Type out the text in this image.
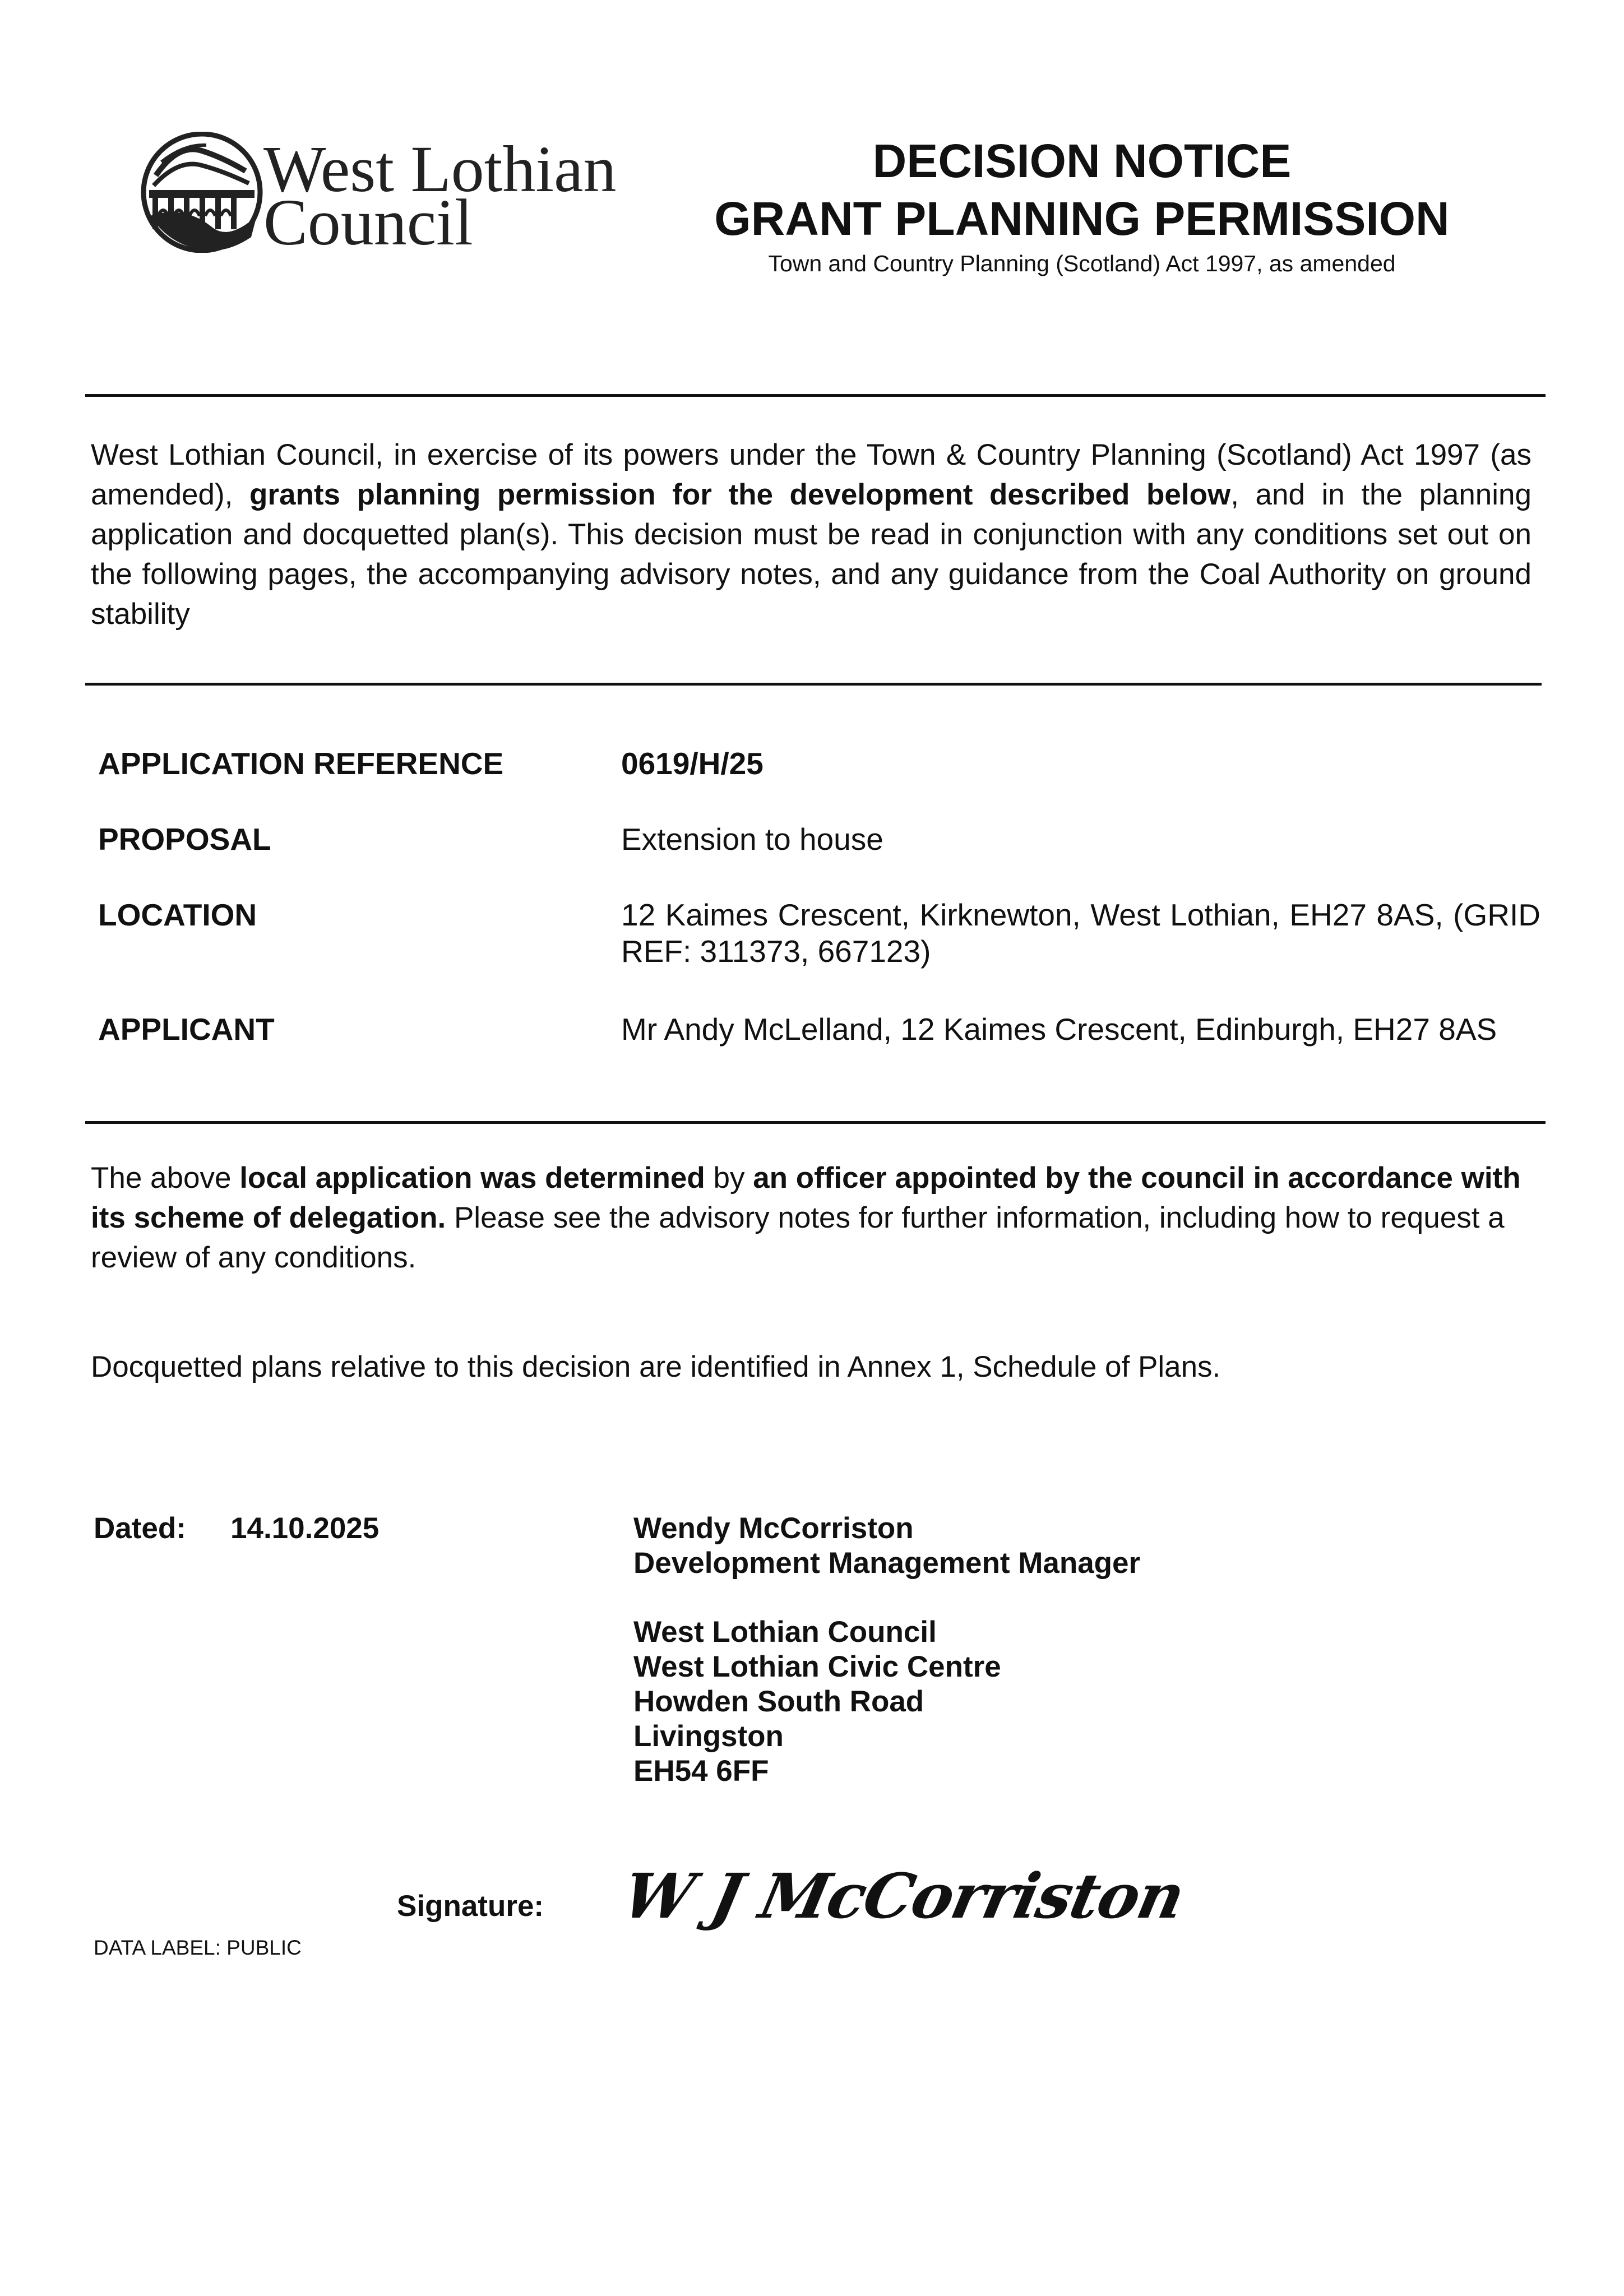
West Lothian
Council
DECISION NOTICE
GRANT PLANNING PERMISSION
Town and Country Planning (Scotland) Act 1997, as amended
West Lothian Council, in exercise of its powers under the Town & Country Planning (Scotland) Act 1997 (as amended), grants planning permission for the development described below, and in the planning application and docquetted plan(s). This decision must be read in conjunction with any conditions set out on the following pages, the accompanying advisory notes, and any guidance from the Coal Authority on ground stability
APPLICATION REFERENCE	0619/H/25
PROPOSAL	Extension to house
LOCATION	12 Kaimes Crescent, Kirknewton, West Lothian, EH27 8AS, (GRID REF: 311373, 667123)
APPLICANT	Mr Andy McLelland, 12 Kaimes Crescent, Edinburgh, EH27 8AS
The above local application was determined by an officer appointed by the council in accordance with its scheme of delegation. Please see the advisory notes for further information, including how to request a review of any conditions.
Docquetted plans relative to this decision are identified in Annex 1, Schedule of Plans.
Dated: 14.10.2025	Wendy McCorriston
Development Management Manager
West Lothian Council
West Lothian Civic Centre
Howden South Road
Livingston
EH54 6FF
Signature: W J McCorriston
DATA LABEL: PUBLIC
